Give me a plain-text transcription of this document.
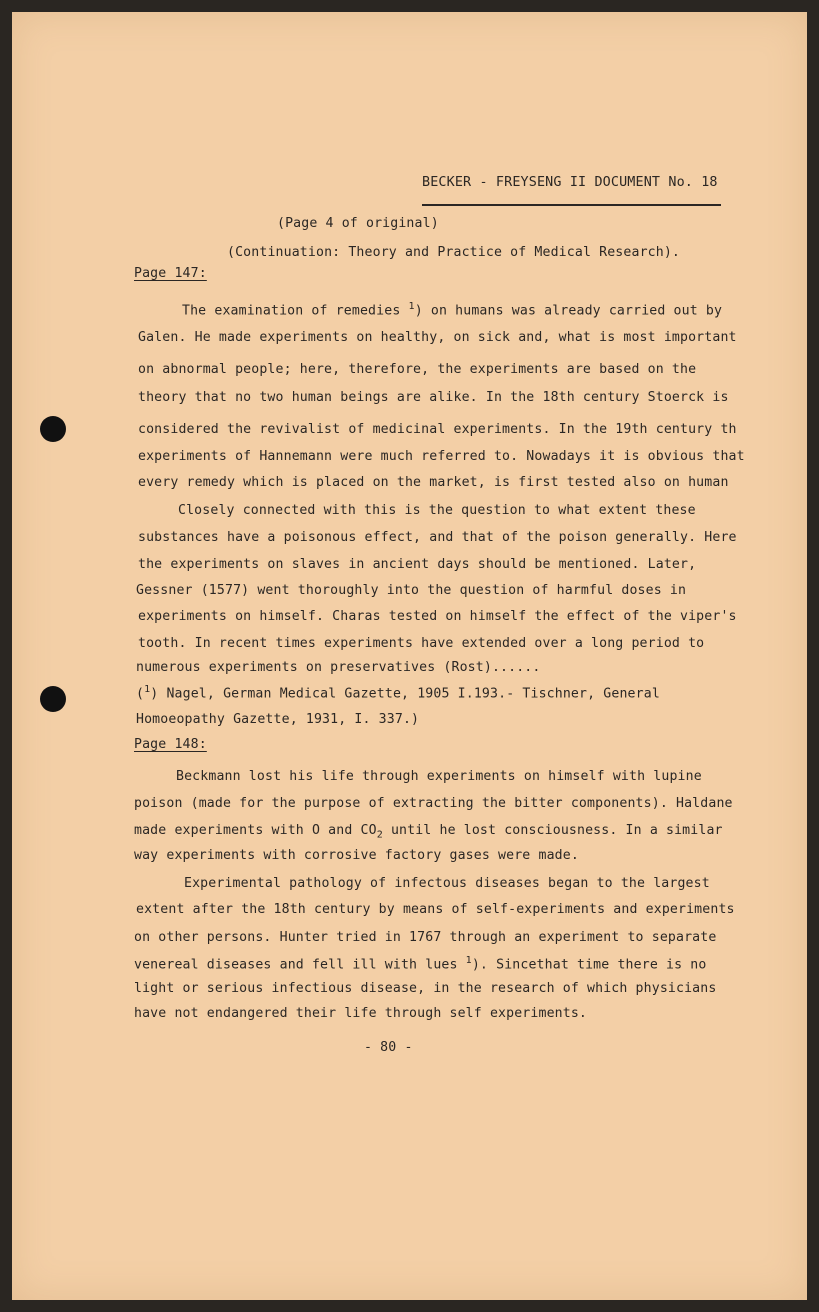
BECKER - FREYSENG II DOCUMENT No. 18
(Page 4 of original)
(Continuation: Theory and Practice of Medical Research).
Page 147:
The examination of remedies $^1$) on humans was already carried out by
Galen. He made experiments on healthy, on sick and, what is most important
on abnormal people; here, therefore, the experiments are based on the
theory that no two human beings are alike. In the 18th century Stoerck is
considered the revivalist of medicinal experiments. In the 19th century th
experiments of Hannemann were much referred to. Nowadays it is obvious that
every remedy which is placed on the market, is first tested also on human
Closely connected with this is the question to what extent these
substances have a poisonous effect, and that of the poison generally. Here
the experiments on slaves in ancient days should be mentioned. Later,
Gessner (1577) went thoroughly into the question of harmful doses in
experiments on himself. Charas tested on himself the effect of the viper's
tooth. In recent times experiments have extended over a long period to
numerous experiments on preservatives (Rost)......
($^1$) Nagel, German Medical Gazette, 1905 I.193.- Tischner, General
Homoeopathy Gazette, 1931, I. 337.)
Page 148:
Beckmann lost his life through experiments on himself with lupine
poison (made for the purpose of extracting the bitter components). Haldane
made experiments with O and $CO_2$ until he lost consciousness. In a similar
way experiments with corrosive factory gases were made.
Experimental pathology of infectous diseases began to the largest
extent after the 18th century by means of self-experiments and experiments
on other persons. Hunter tried in 1767 through an experiment to separate
venereal diseases and fell ill with lues $^1$). Sincethat time there is no
light or serious infectious disease, in the research of which physicians
have not endangered their life through self experiments.
- 80 -
